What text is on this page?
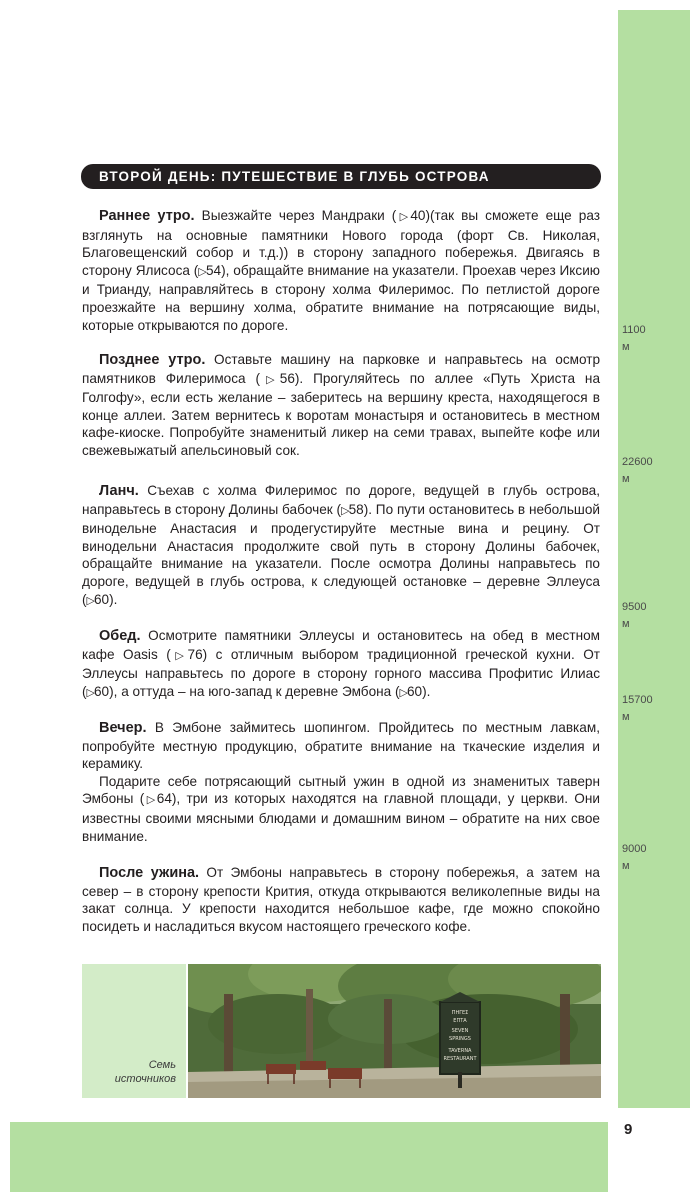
9
ВТОРОЙ ДЕНЬ: ПУТЕШЕСТВИЕ В ГЛУБЬ ОСТРОВА

Раннее утро. Выезжайте через Мандраки (▷40)(так вы сможете еще раз взглянуть на основные памятники Нового города (форт Св. Николая, Благовещенский собор и т.д.)) в сторону западного побережья. Двигаясь в сторону Ялисоса (▷54), обращайте внимание на указатели. Проехав через Иксию и Трианду, направляйтесь в сторону холма Филеримос. По петлистой дороге проезжайте на вершину холма, обратите внимание на потрясающие виды, которые открываются по дороге.

Позднее утро. Оставьте машину на парковке и направьтесь на осмотр памятников Филеримоса (▷56). Прогуляйтесь по аллее «Путь Христа на Голгофу», если есть желание – заберитесь на вершину креста, находящегося в конце аллеи. Затем вернитесь к воротам монастыря и остановитесь в местном кафе-киоске. Попробуйте знаменитый ликер на семи травах, выпейте кофе или свежевыжатый апельсиновый сок.

Ланч. Съехав с холма Филеримос по дороге, ведущей в глубь острова, направьтесь в сторону Долины бабочек (▷58). По пути остановитесь в небольшой винодельне Анастасия и продегустируйте местные вина и рецину. От винодельни Анастасия продолжите свой путь в сторону Долины бабочек, обращайте внимание на указатели. После осмотра Долины направьтесь по дороге, ведущей в глубь острова, к следующей остановке – деревне Эллеуса (▷60).

Обед. Осмотрите памятники Эллеусы и остановитесь на обед в местном кафе Oasis (▷76) с отличным выбором традиционной греческой кухни. От Эллеусы направьтесь по дороге в сторону горного массива Профитис Илиас (▷60), а оттуда – на юго-запад к деревне Эмбона (▷60).

Вечер. В Эмбоне займитесь шопингом. Пройдитесь по местным лавкам, попробуйте местную продукцию, обратите внимание на ткаческие изделия и керамику.

Подарите себе потрясающий сытный ужин в одной из знаменитых таверн Эмбоны (▷64), три из которых находятся на главной площади, у церкви. Они известны своими мясными блюдами и домашним вином – обратите на них свое внимание.

После ужина. От Эмбоны направьтесь в сторону побережья, а затем на север – в сторону крепости Крития, откуда открываются великолепные виды на закат солнца. У крепости находится небольшое кафе, где можно спокойно посидеть и насладиться вкусом настоящего греческого кофе.

1100
м
22600
м
9500
м
15700
м
9000
м
Семь
источников
ΠΗΓΕΣ
ΕΠΤΑ
SEVEN
SPRINGS
TAVERNA
RESTAURANT
